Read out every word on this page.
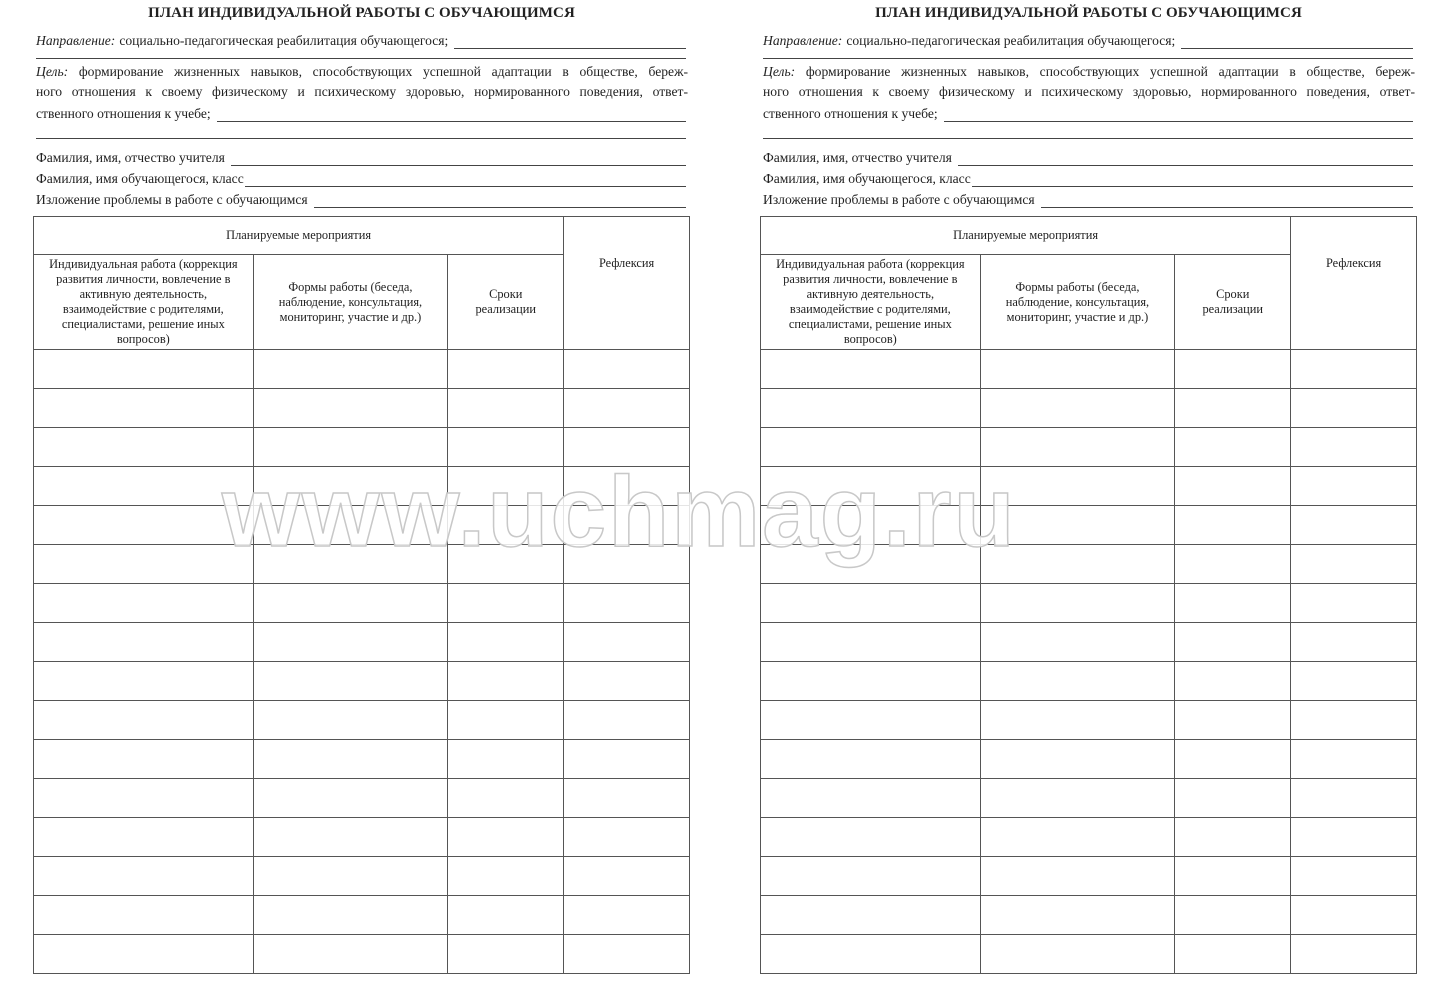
ПЛАН ИНДИВИДУАЛЬНОЙ РАБОТЫ С ОБУЧАЮЩИМСЯ
Направление: социально-педагогическая реабилитация обучающегося;
Цель: формирование жизненных навыков, способствующих успешной адаптации в обществе, береж-
ного отношения к своему физическому и психическому здоровью, нормированного поведения, ответ-
ственного отношения к учебе;
Фамилия, имя, отчество учителя
Фамилия, имя обучающегося, класс
Изложение проблемы в работе с обучающимся
Планируемые мероприятия			Рефлексия
Индивидуальная работа (коррекция развития личности, вовлечение в активную деятельность, взаимодействие с родителями, специалистами, решение иных вопросов)	Формы работы (беседа, наблюдение, консультация, мониторинг, участие и др.)	Сроки реализации	

ПЛАН ИНДИВИДУАЛЬНОЙ РАБОТЫ С ОБУЧАЮЩИМСЯ
Направление: социально-педагогическая реабилитация обучающегося;
Цель: формирование жизненных навыков, способствующих успешной адаптации в обществе, береж-
ного отношения к своему физическому и психическому здоровью, нормированного поведения, ответ-
ственного отношения к учебе;
Фамилия, имя, отчество учителя
Фамилия, имя обучающегося, класс
Изложение проблемы в работе с обучающимся
Планируемые мероприятия			Рефлексия
Индивидуальная работа (коррекция развития личности, вовлечение в активную деятельность, взаимодействие с родителями, специалистами, решение иных вопросов)	Формы работы (беседа, наблюдение, консультация, мониторинг, участие и др.)	Сроки реализации	

www.uchmag.ru
